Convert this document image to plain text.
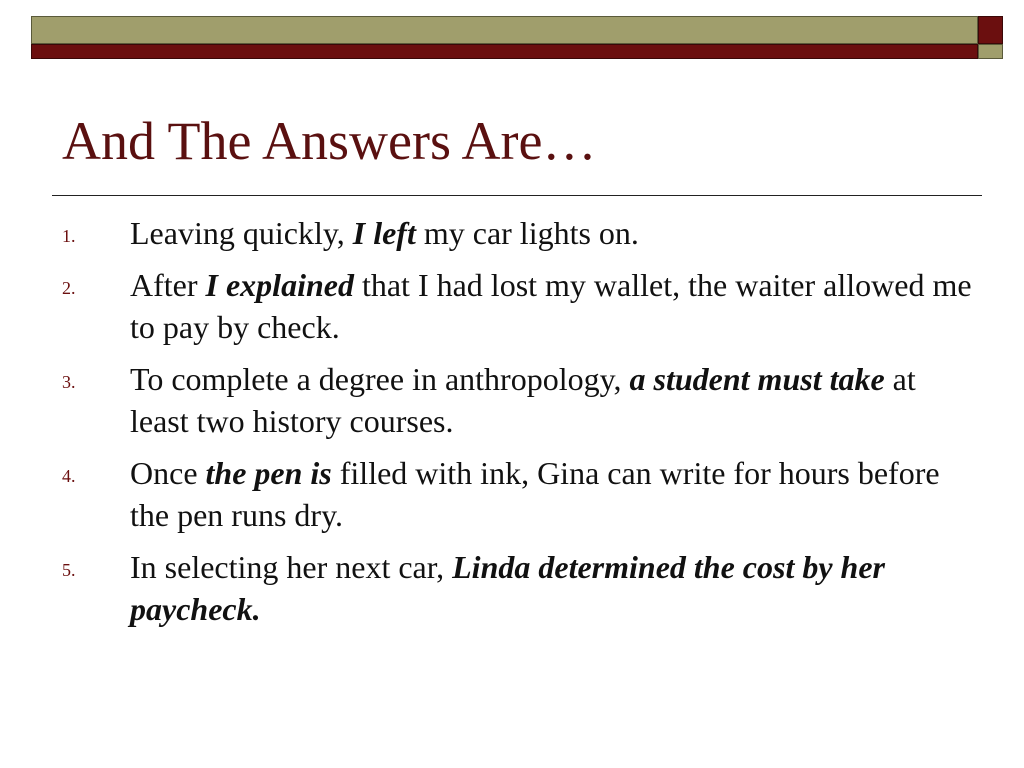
And The Answers Are…
1.	Leaving quickly, I left my car lights on.
2.	After I explained that I had lost my wallet, the waiter allowed me to pay by check.
3.	To complete a degree in anthropology, a student must take at least two history courses.
4.	Once the pen is filled with ink, Gina can write for hours before the pen runs dry.
5.	In selecting her next car, Linda determined the cost by her paycheck.
